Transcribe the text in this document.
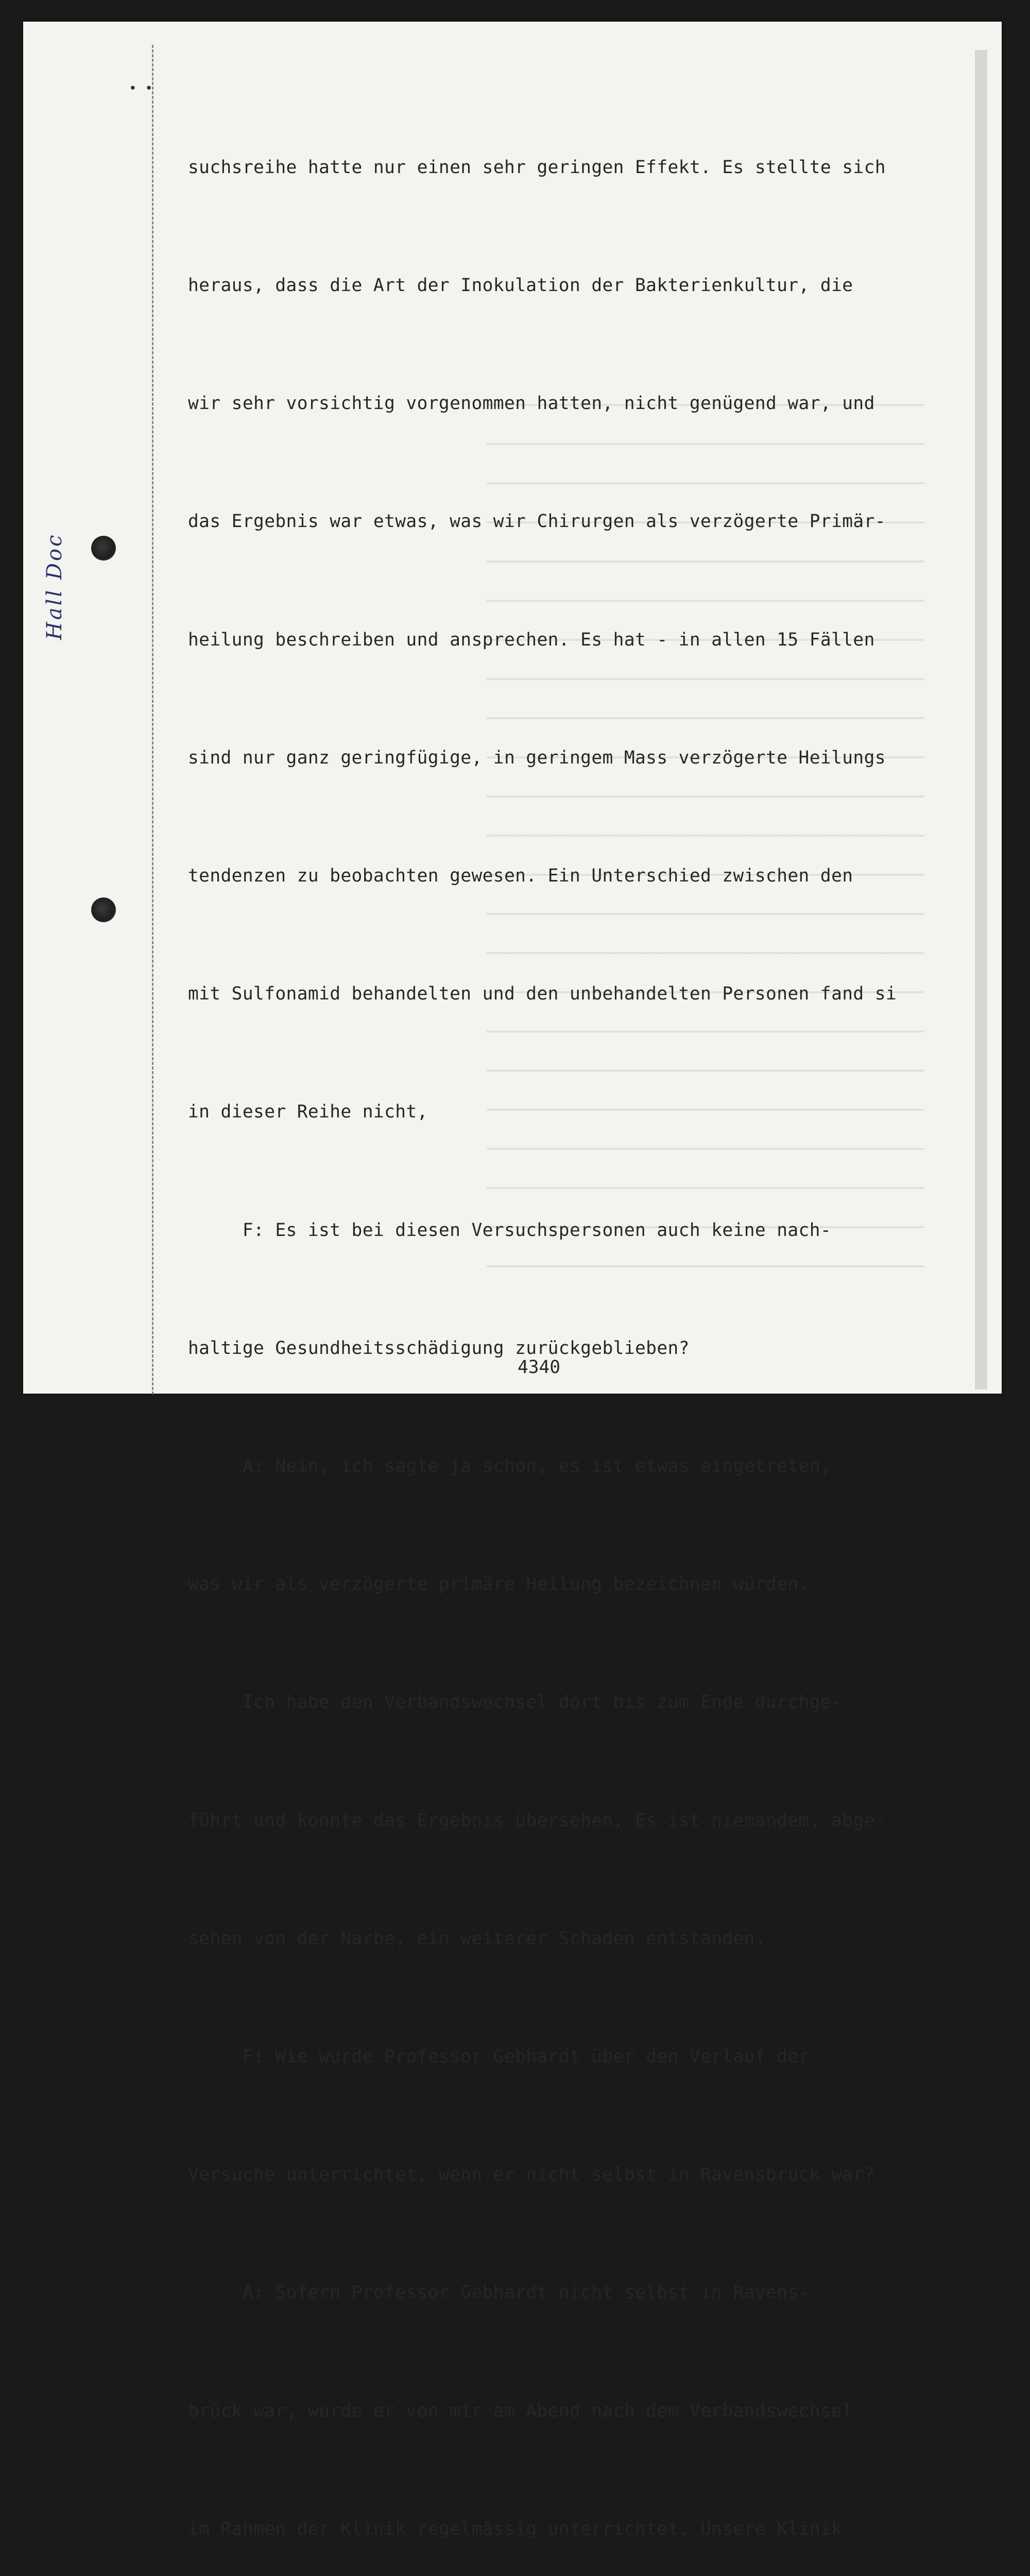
Hall Doc
• •

suchsreihe hatte nur einen sehr geringen Effekt. Es stellte sich

heraus, dass die Art der Inokulation der Bakterienkultur, die

wir sehr vorsichtig vorgenommen hatten, nicht genügend war, und

das Ergebnis war etwas, was wir Chirurgen als verzögerte Primär-

heilung beschreiben und ansprechen. Es hat - in allen 15 Fällen

sind nur ganz geringfügige, in geringem Mass verzögerte Heilungs

tendenzen zu beobachten gewesen. Ein Unterschied zwischen den

mit Sulfonamid behandelten und den unbehandelten Personen fand si

in dieser Reihe nicht,

F: Es ist bei diesen Versuchspersonen auch keine nach-

haltige Gesundheitsschädigung zurückgeblieben?

A: Nein, ich sagte ja schon, es ist etwas eingetreten,

was wir als verzögerte primäre Heilung bezeichnen würden.

Ich habe den Verbandswechsel dort bis zum Ende durchge-

führt und konnte das Ergebnis übersehen. Es ist niemandem, abge-

sehen von der Narbe, ein weiterer Schaden entstanden.

F: Wie wurde Professor Gebhardt über den Verlauf der

Versuche unterrichtet, wenn er nicht selbst in Ravensbrück war?

A: Sofern Professor Gebhardt nicht selbst in Ravens-

brück war, wurde er von mir am Abend nach dem Verbandswechsel

im Rahmen der Klinik regelmässig unterrichtet. Unsere Klinik

4340
